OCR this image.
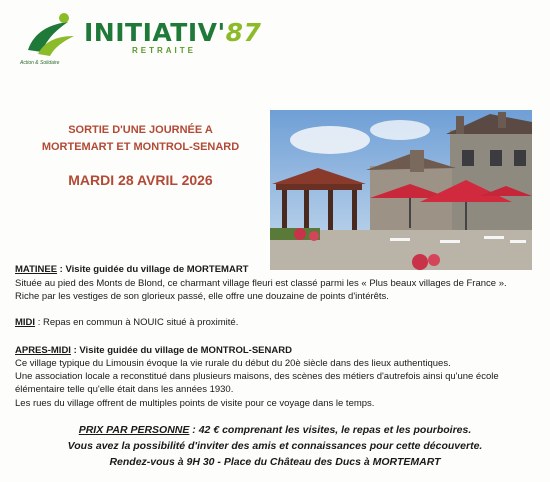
INITIATIV'87
RETRAITE
Action & Solidaire
SORTIE D'UNE JOURNÉE A
MORTEMART ET MONTROL-SENARD
MARDI 28 AVRIL 2026
MATINEE : Visite guidée du village de MORTEMART
Située au pied des Monts de Blond, ce charmant village fleuri est classé parmi les « Plus beaux villages de France ».
Riche par les vestiges de son glorieux passé, elle offre une douzaine de points d'intérêts.
MIDI : Repas en commun à NOUIC situé à proximité.
APRES-MIDI : Visite guidée du village de MONTROL-SENARD
Ce village typique du Limousin évoque la vie rurale du début du 20è siècle dans des lieux authentiques.
Une association locale a reconstitué dans plusieurs maisons, des scènes des métiers d'autrefois ainsi qu'une école
élémentaire telle qu'elle était dans les années 1930.
Les rues du village offrent de multiples points de visite pour ce voyage dans le temps.
PRIX PAR PERSONNE : 42 € comprenant les visites, le repas et les pourboires.
Vous avez la possibilité d'inviter des amis et connaissances pour cette découverte.
Rendez-vous à 9H 30 - Place du Château des Ducs à MORTEMART
